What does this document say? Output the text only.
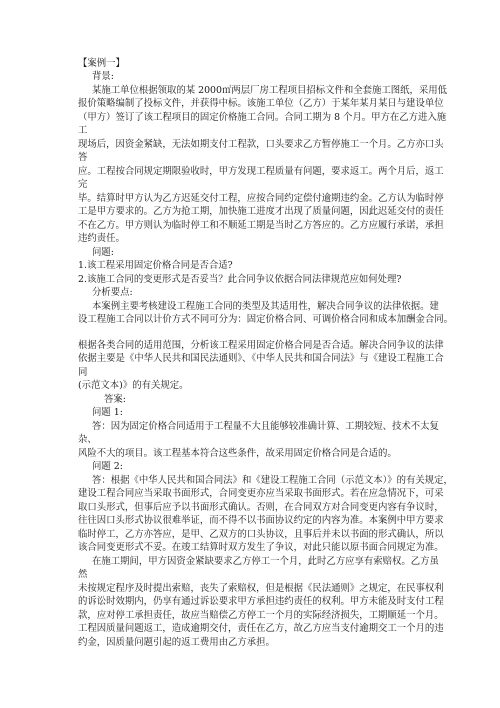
【案例一】
背景:
某施工单位根据领取的某 2000㎡两层厂房工程项目招标文件和全套施工图纸，采用低
报价策略编制了投标文件，并获得中标。该施工单位（乙方）于某年某月某日与建设单位
（甲方）签订了该工程项目的固定价格施工合同。合同工期为 8 个月。甲方在乙方进入施
工
现场后，因资金紧缺，无法如期支付工程款，口头要求乙方暂停施工一个月。乙方亦口头
答
应。工程按合同规定期限验收时，甲方发现工程质量有问题，要求返工。两个月后，返工
完
毕。结算时甲方认为乙方迟延交付工程，应按合同约定偿付逾期违约金。乙方认为临时停
工是甲方要求的。乙方为抢工期，加快施工进度才出现了质量问题，因此迟延交付的责任
不在乙方。甲方则认为临时停工和不顺延工期是当时乙方答应的。乙方应履行承诺，承担
违约责任。
问题:
1.该工程采用固定价格合同是否合适?
2.该施工合同的变更形式是否妥当？此合同争议依据合同法律规范应如何处理?
分析要点:
本案例主要考核建设工程施工合同的类型及其适用性，解决合同争议的法律依据。建
设工程施工合同以计价方式不同可分为：固定价格合同、可调价格合同和成本加酬金合同。
根据各类合同的适用范围，分析该工程采用固定价格合同是否合适。解决合同争议的法律
依据主要是《中华人民共和国民法通则》、《中华人民共和国合同法》与《建设工程施工合
同
(示范文本)》的有关规定。
答案:
问题 1:
答：因为固定价格合同适用于工程量不大且能够较准确计算、工期较短、技术不太复
杂、
风险不大的项目。该工程基本符合这些条件，故采用固定价格合同是合适的。
问题 2:
答：根据《中华人民共和国合同法》和《建设工程施工合同（示范文本）》的有关规定，
建设工程合同应当采取书面形式，合同变更亦应当采取书面形式。若在应急情况下，可采
取口头形式，但事后应予以书面形式确认。否则，在合同双方对合同变更内容有争议时，
往往因口头形式协议很难举证，而不得不以书面协议约定的内容为准。本案例中甲方要求
临时停工，乙方亦答应，是甲、乙双方的口头协议，且事后并未以书面的形式确认，所以
该合同变更形式不妥。在竣工结算时双方发生了争议，对此只能以原书面合同规定为准。
在施工期间，甲方因资金紧缺要求乙方停工一个月，此时乙方应享有索赔权。乙方虽
然
未按规定程序及时提出索赔，丧失了索赔权，但是根据《民法通则》之规定，在民事权利
的诉讼时效期内，仍享有通过诉讼要求甲方承担违约责任的权利。甲方未能及时支付工程
款，应对停工承担责任，故应当赔偿乙方停工一个月的实际经济损失，工期顺延一个月。
工程因质量问题返工，造成逾期交付，责任在乙方，故乙方应当支付逾期交工一个月的违
约金，因质量问题引起的返工费用由乙方承担。
